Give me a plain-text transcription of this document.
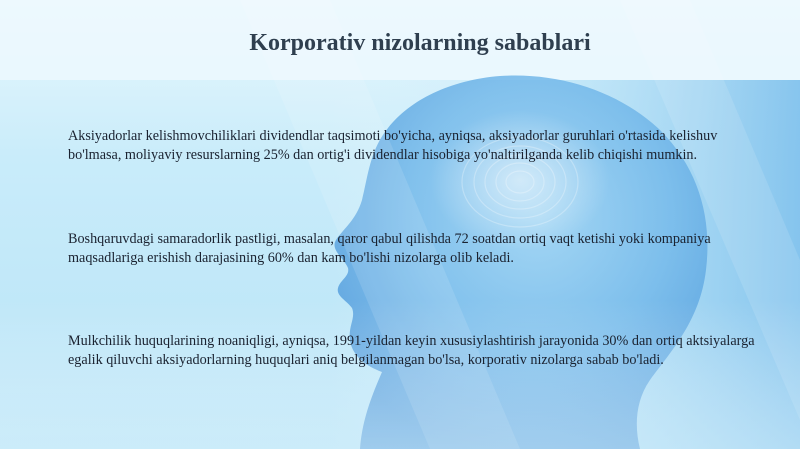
Korporativ nizolarning sabablari

Aksiyadorlar kelishmovchiliklari dividendlar taqsimoti bo'yicha, ayniqsa, aksiyadorlar guruhlari o'rtasida kelishuv bo'lmasa, moliyaviy resurslarning 25% dan ortig'i dividendlar hisobiga yo'naltirilganda kelib chiqishi mumkin.

Boshqaruvdagi samaradorlik pastligi, masalan, qaror qabul qilishda 72 soatdan ortiq vaqt ketishi yoki kompaniya maqsadlariga erishish darajasining 60% dan kam bo'lishi nizolarga olib keladi.

Mulkchilik huquqlarining noaniqligi, ayniqsa, 1991-yildan keyin xususiylashtirish jarayonida 30% dan ortiq aktsiyalarga egalik qiluvchi aksiyadorlarning huquqlari aniq belgilanmagan bo'lsa, korporativ nizolarga sabab bo'ladi.
